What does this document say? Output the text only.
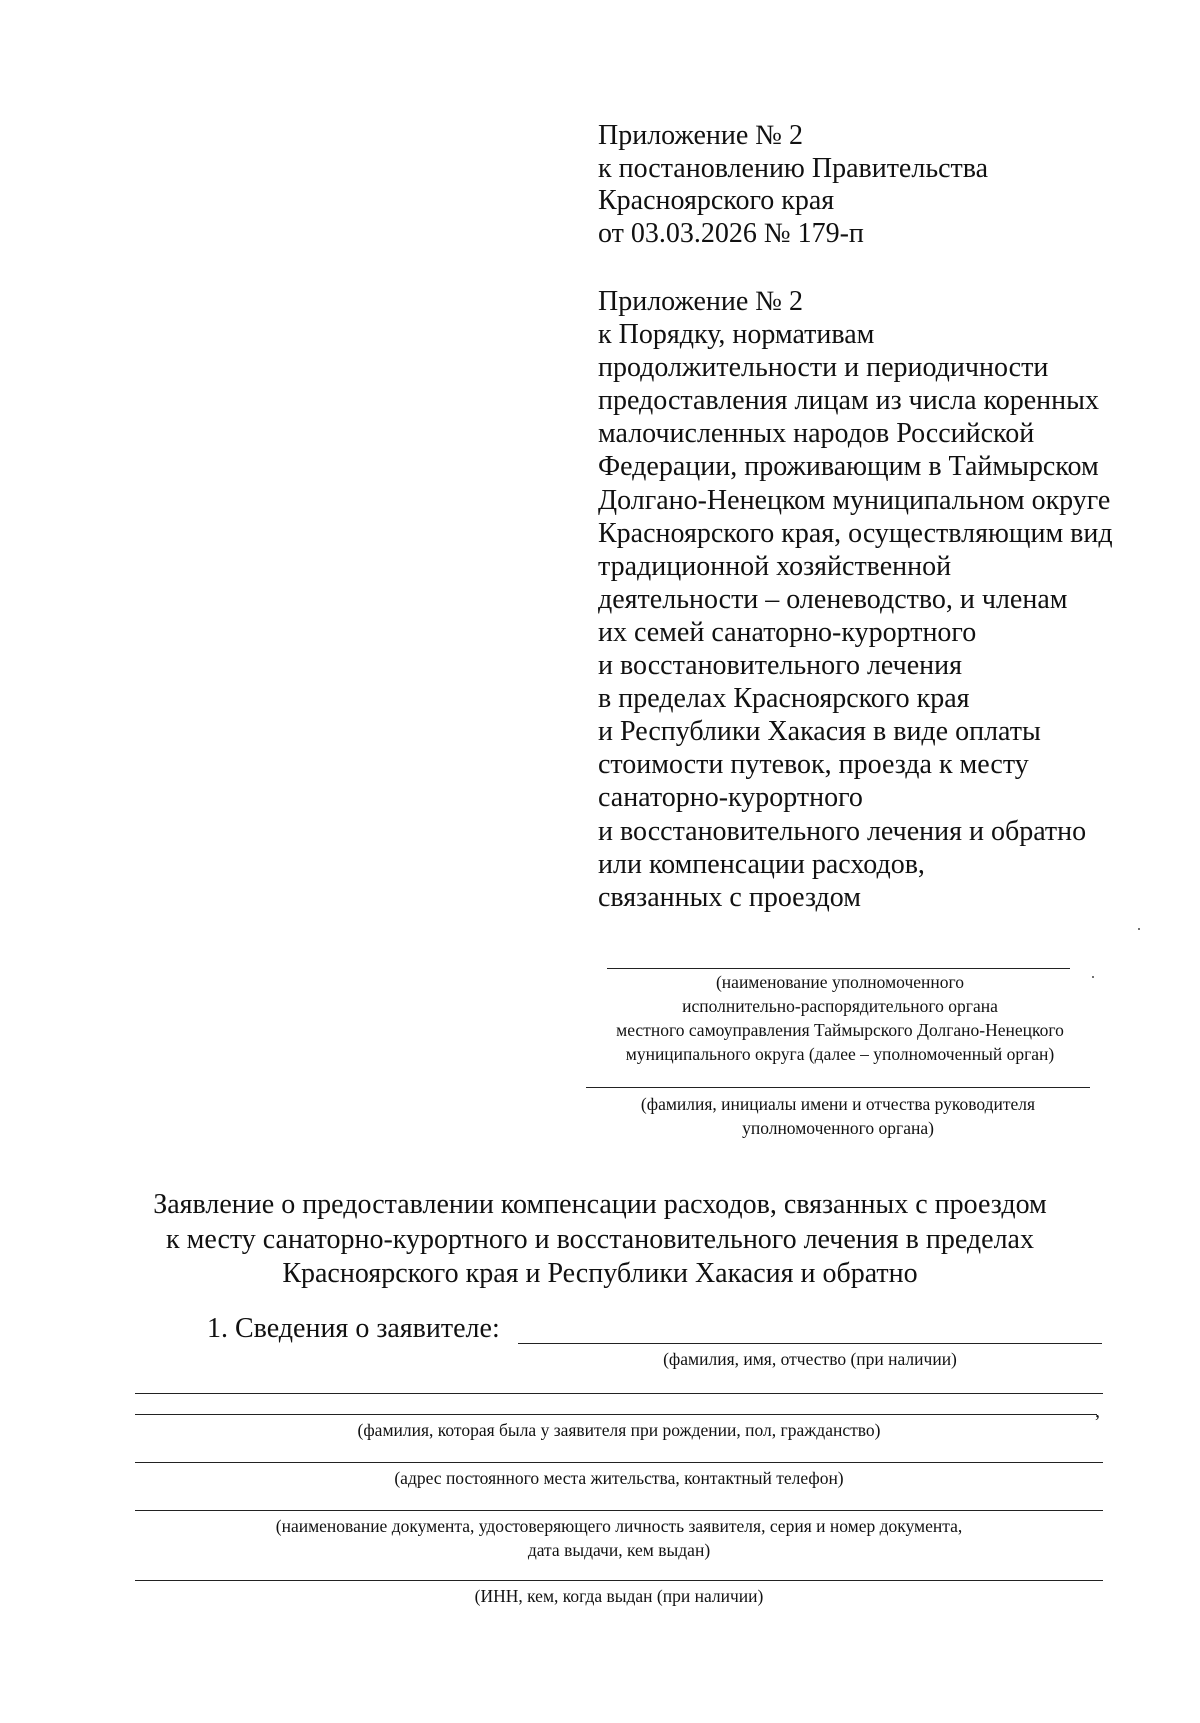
Приложение № 2
к постановлению Правительства
Красноярского края
от 03.03.2026 № 179-п
Приложение № 2
к Порядку, нормативам
продолжительности и периодичности
предоставления лицам из числа коренных
малочисленных народов Российской
Федерации, проживающим в Таймырском
Долгано-Ненецком муниципальном округе
Красноярского края, осуществляющим вид
традиционной хозяйственной
деятельности – оленеводство, и членам
их семей санаторно-курортного
и восстановительного лечения
в пределах Красноярского края
и Республики Хакасия в виде оплаты
стоимости путевок, проезда к месту
санаторно-курортного
и восстановительного лечения и обратно
или компенсации расходов,
связанных с проездом
(наименование уполномоченного
исполнительно-распорядительного органа
местного самоуправления Таймырского Долгано-Ненецкого
муниципального округа (далее – уполномоченный орган)
(фамилия, инициалы имени и отчества руководителя
уполномоченного органа)
Заявление о предоставлении компенсации расходов, связанных с проездом
к месту санаторно-курортного и восстановительного лечения в пределах
Красноярского края и Республики Хакасия и обратно
1. Сведения о заявителе:
(фамилия, имя, отчество (при наличии)
,
(фамилия, которая была у заявителя при рождении, пол, гражданство)
(адрес постоянного места жительства, контактный телефон)
(наименование документа, удостоверяющего личность заявителя, серия и номер документа,
дата выдачи, кем выдан)
(ИНН, кем, когда выдан (при наличии)
